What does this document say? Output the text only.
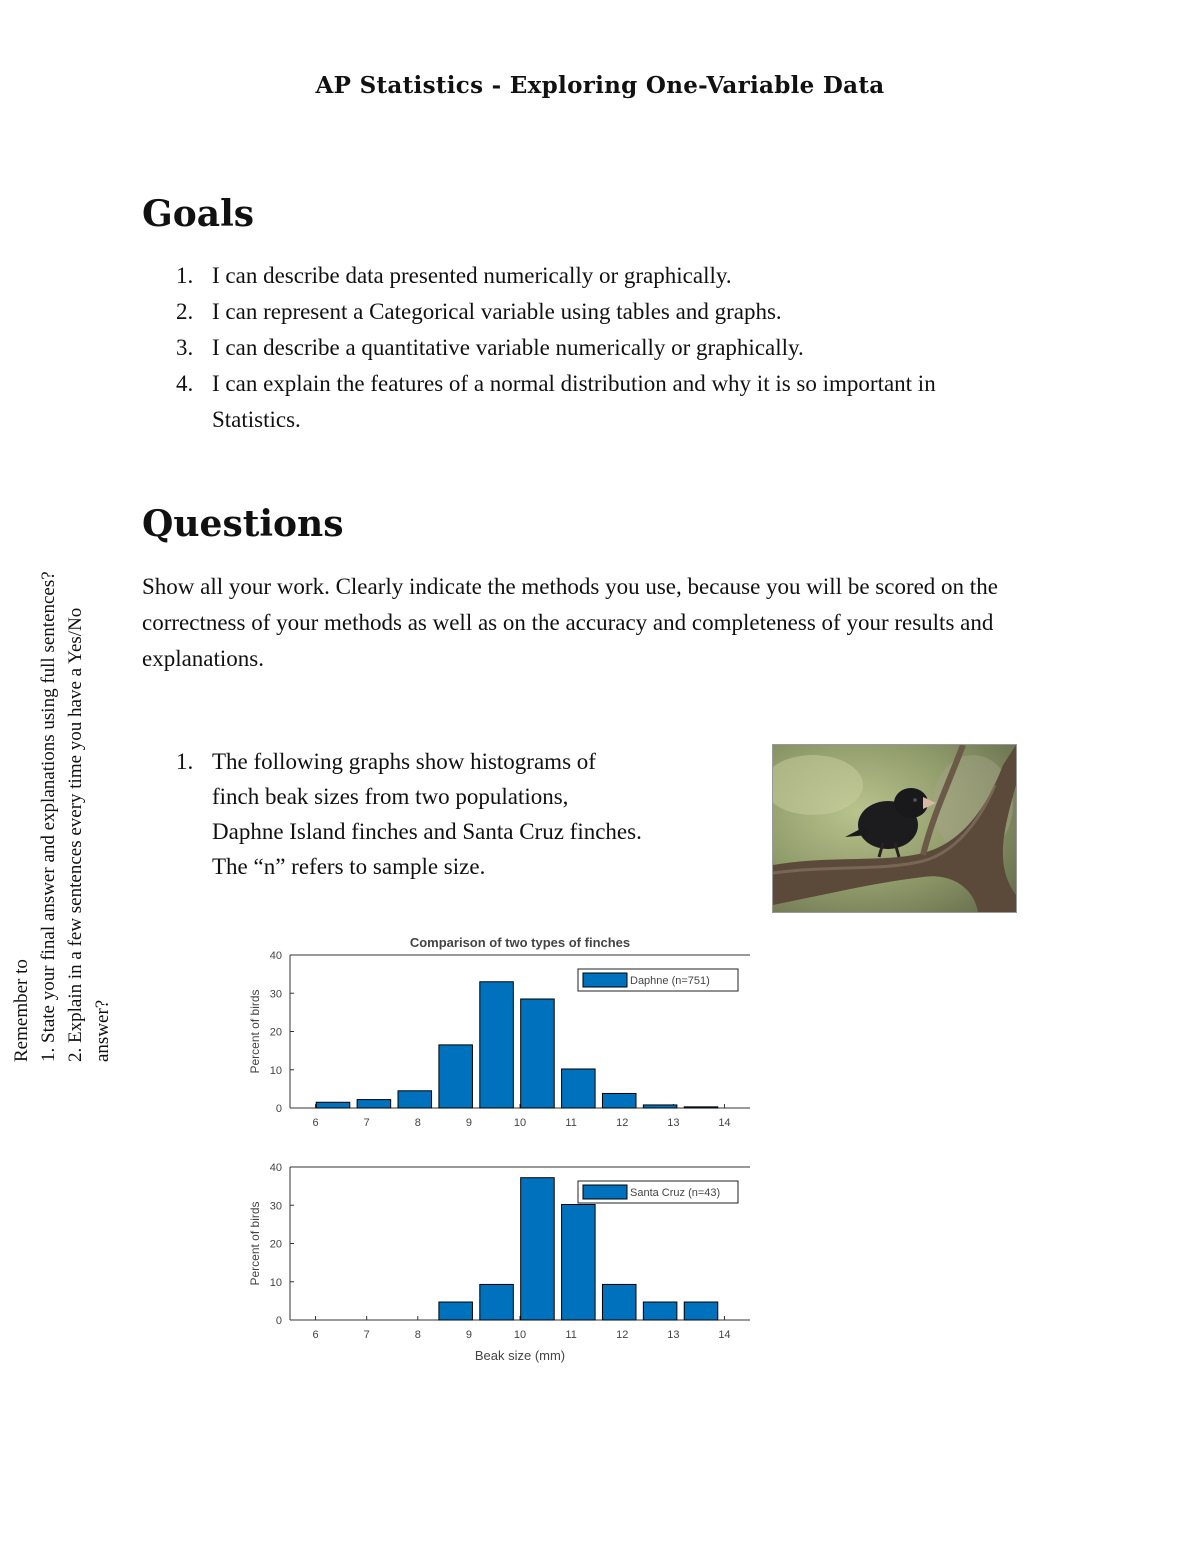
AP Statistics - Exploring One-Variable Data
Goals
1. I can describe data presented numerically or graphically.
2. I can represent a Categorical variable using tables and graphs.
3. I can describe a quantitative variable numerically or graphically.
4. I can explain the features of a normal distribution and why it is so important in Statistics.
Questions

Show all your work. Clearly indicate the methods you use, because you will be scored on the correctness of your methods as well as on the accuracy and completeness of your results and explanations.

1. The following graphs show histograms of
finch beak sizes from two populations,
Daphne Island finches and Santa Cruz finches.
The “n” refers to sample size.
Remember to 1. State your final answer and explanations using full sentences? 2. Explain in a few sentences every time you have a Yes/No answer?
Comparison of two types of finches
0
10
20
30
40
6	7	8	9	10	11	12	13	14
Percent of birds
Daphne (n=751)
0
10
20
30
40
6	7	8	9	10	11	12	13	14
Percent of birds
Beak size (mm)
Santa Cruz (n=43)
